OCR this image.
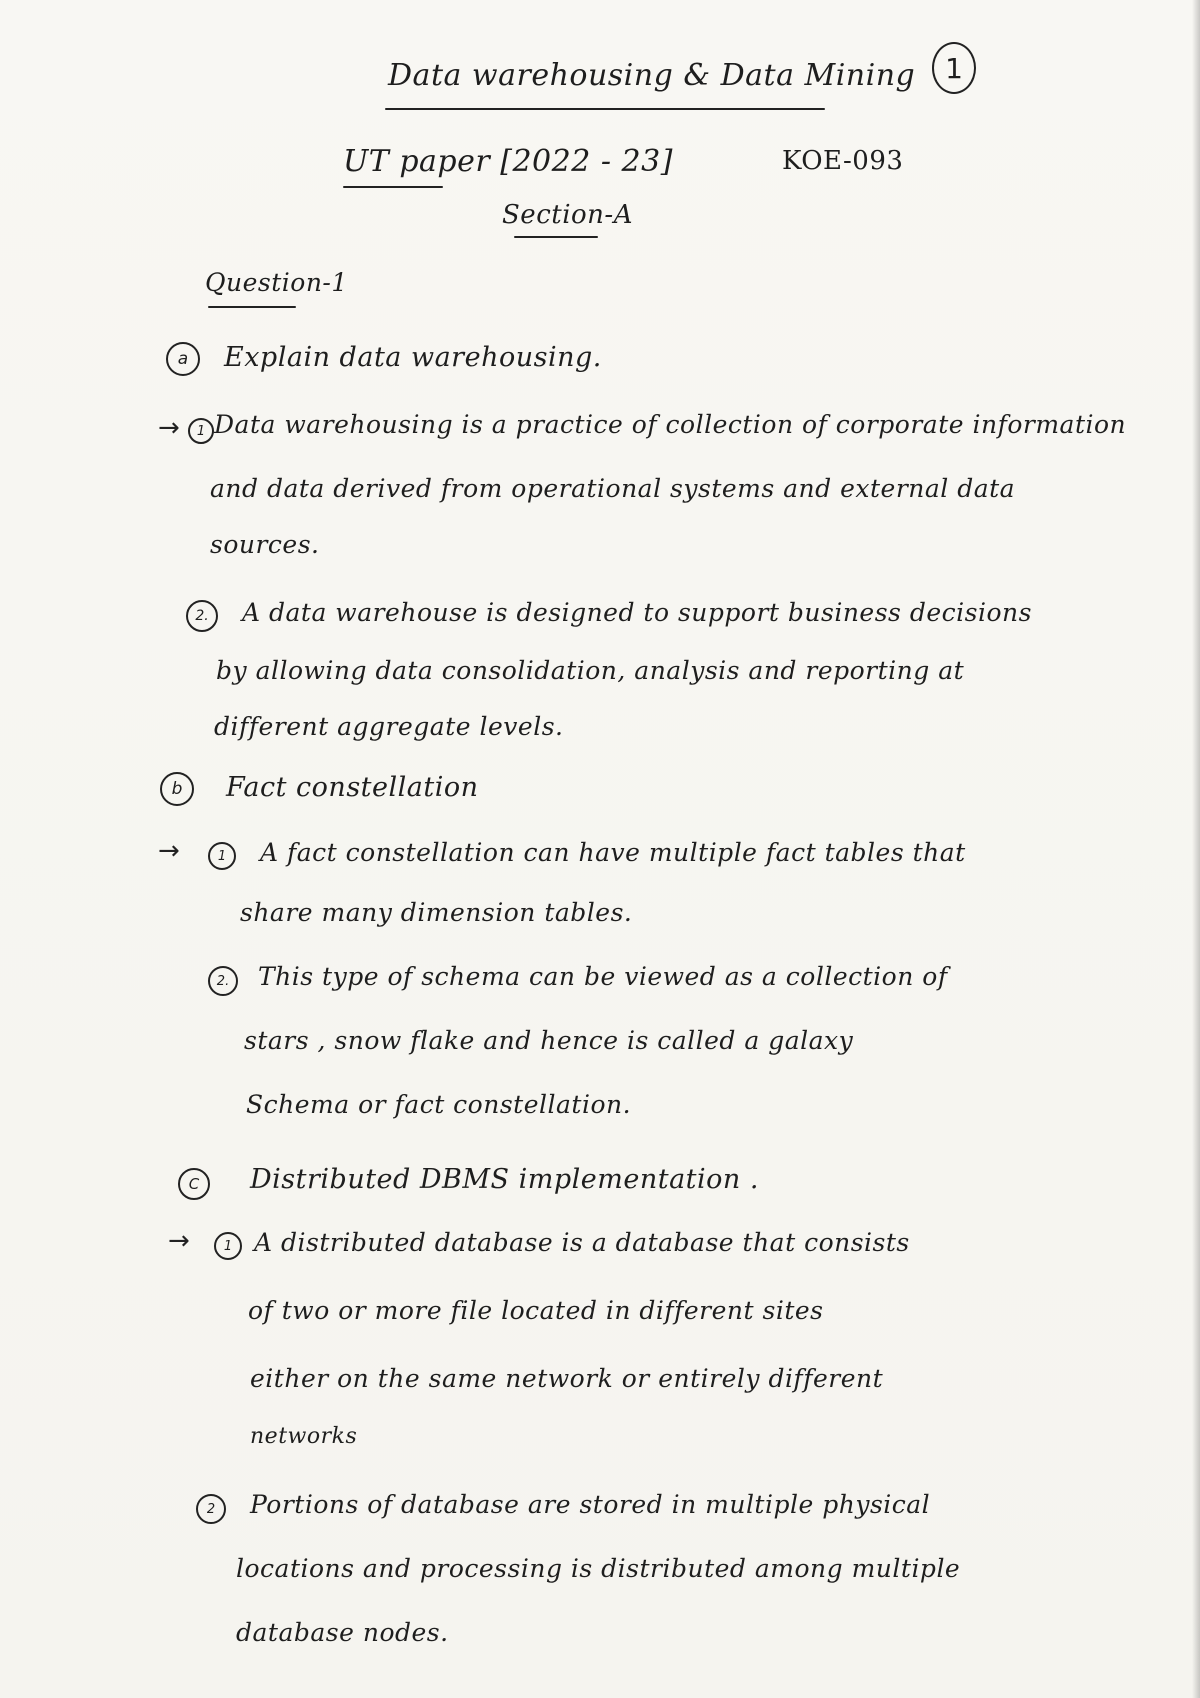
Data warehousing & Data Mining 1
UT paper [2022 - 23]	KOE-093
Section-A
Question-1
a Explain data warehousing.
→ 1 Data warehousing is a practice of collection of corporate information
and data derived from operational systems and external data
sources.
2. A data warehouse is designed to support business decisions
by allowing data consolidation, analysis and reporting at
different aggregate levels.
b Fact constellation
→	1 A fact constellation can have multiple fact tables that
share many dimension tables.
2. This type of schema can be viewed as a collection of
stars , snow flake and hence is called a galaxy
Schema or fact constellation.
C Distributed DBMS implementation .
→	1 A distributed database is a database that consists
of two or more file located in different sites
either on the same network or entirely different
networks
2 Portions of database are stored in multiple physical
locations and processing is distributed among multiple
database nodes.
